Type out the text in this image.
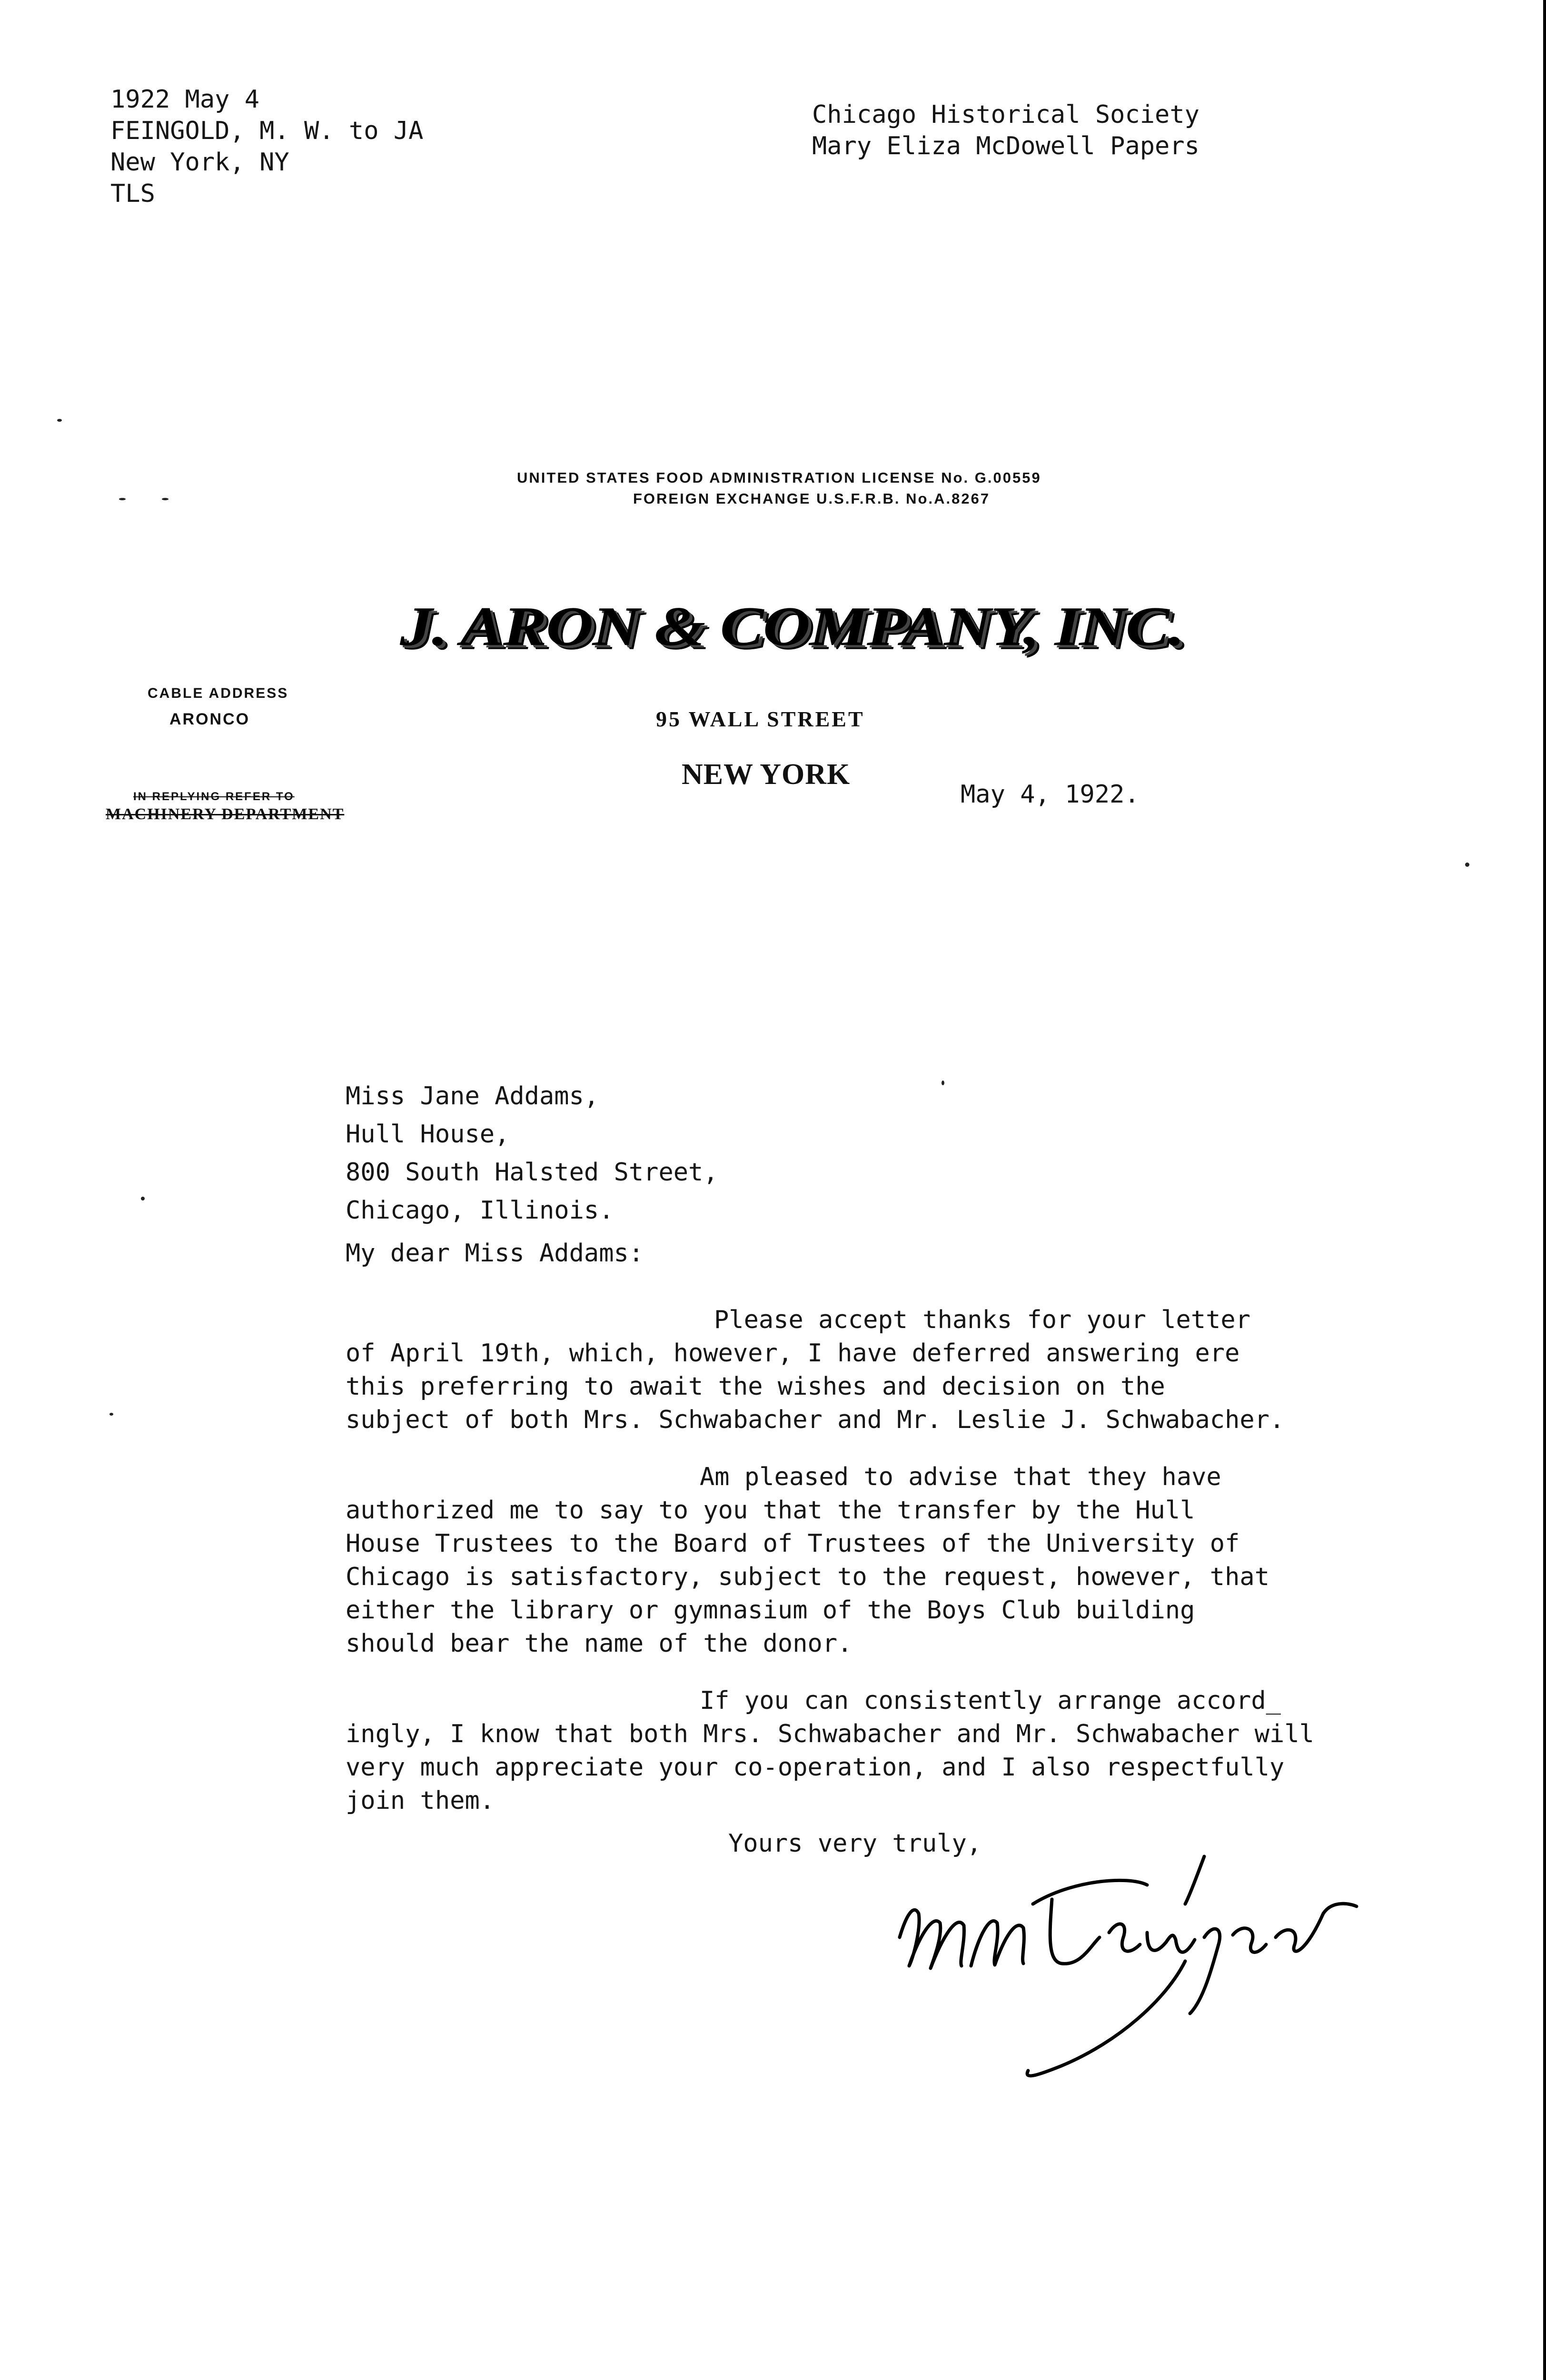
1922 May 4
FEINGOLD, M. W. to JA
New York, NY
TLS
Chicago Historical Society
Mary Eliza McDowell Papers
UNITED STATES FOOD ADMINISTRATION LICENSE No. G.00559
FOREIGN EXCHANGE U.S.F.R.B. No.A.8267
J. ARON & COMPANY, INC.
CABLE ADDRESS
ARONCO	95 WALL STREET
NEW YORK
May 4, 1922.
IN REPLYING REFER TO
MACHINERY DEPARTMENT
Miss Jane Addams,
Hull House,
800 South Halsted Street,
Chicago, Illinois.
My dear Miss Addams:
Please accept thanks for your letter
of April 19th, which, however, I have deferred answering ere
this preferring to await the wishes and decision on the
subject of both Mrs. Schwabacher and Mr. Leslie J. Schwabacher.
Am pleased to advise that they have
authorized me to say to you that the transfer by the Hull
House Trustees to the Board of Trustees of the University of
Chicago is satisfactory, subject to the request, however, that
either the library or gymnasium of the Boys Club building
should bear the name of the donor.
If you can consistently arrange accord_
ingly, I know that both Mrs. Schwabacher and Mr. Schwabacher will
very much appreciate your co-operation, and I also respectfully
join them.
Yours very truly,
